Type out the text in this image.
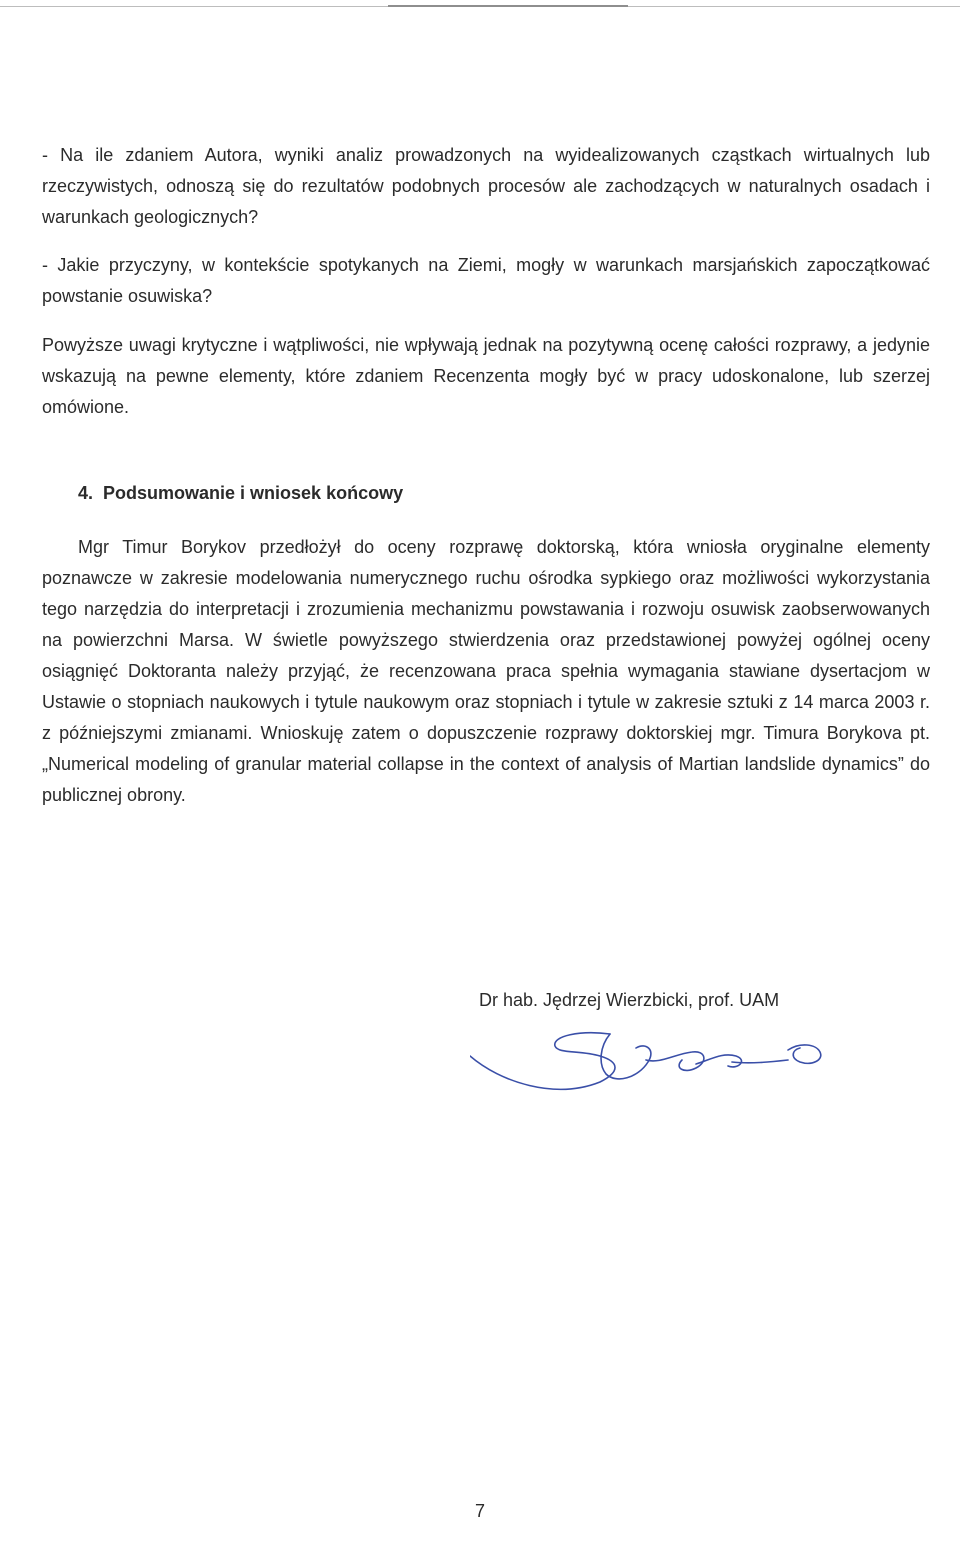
- Na ile zdaniem Autora, wyniki analiz prowadzonych na wyidealizowanych cząstkach wirtualnych lub rzeczywistych, odnoszą się do rezultatów podobnych procesów ale zachodzących w naturalnych osadach i warunkach geologicznych?

- Jakie przyczyny, w kontekście spotykanych na Ziemi, mogły w warunkach marsjańskich zapoczątkować powstanie osuwiska?

Powyższe uwagi krytyczne i wątpliwości, nie wpływają jednak na pozytywną ocenę całości rozprawy, a jedynie wskazują na pewne elementy, które zdaniem Recenzenta mogły być w pracy udoskonalone, lub szerzej omówione.

4. Podsumowanie i wniosek końcowy

Mgr Timur Borykov przedłożył do oceny rozprawę doktorską, która wniosła oryginalne elementy poznawcze w zakresie modelowania numerycznego ruchu ośrodka sypkiego oraz możliwości wykorzystania tego narzędzia do interpretacji i zrozumienia mechanizmu powstawania i rozwoju osuwisk zaobserwowanych na powierzchni Marsa. W świetle powyższego stwierdzenia oraz przedstawionej powyżej ogólnej oceny osiągnięć Doktoranta należy przyjąć, że recenzowana praca spełnia wymagania stawiane dysertacjom w Ustawie o stopniach naukowych i tytule naukowym oraz stopniach i tytule w zakresie sztuki z 14 marca 2003 r. z późniejszymi zmianami. Wnioskuję zatem o dopuszczenie rozprawy doktorskiej mgr. Timura Borykova pt. „Numerical modeling of granular material collapse in the context of analysis of Martian landslide dynamics” do publicznej obrony.

Dr hab. Jędrzej Wierzbicki, prof. UAM

7
